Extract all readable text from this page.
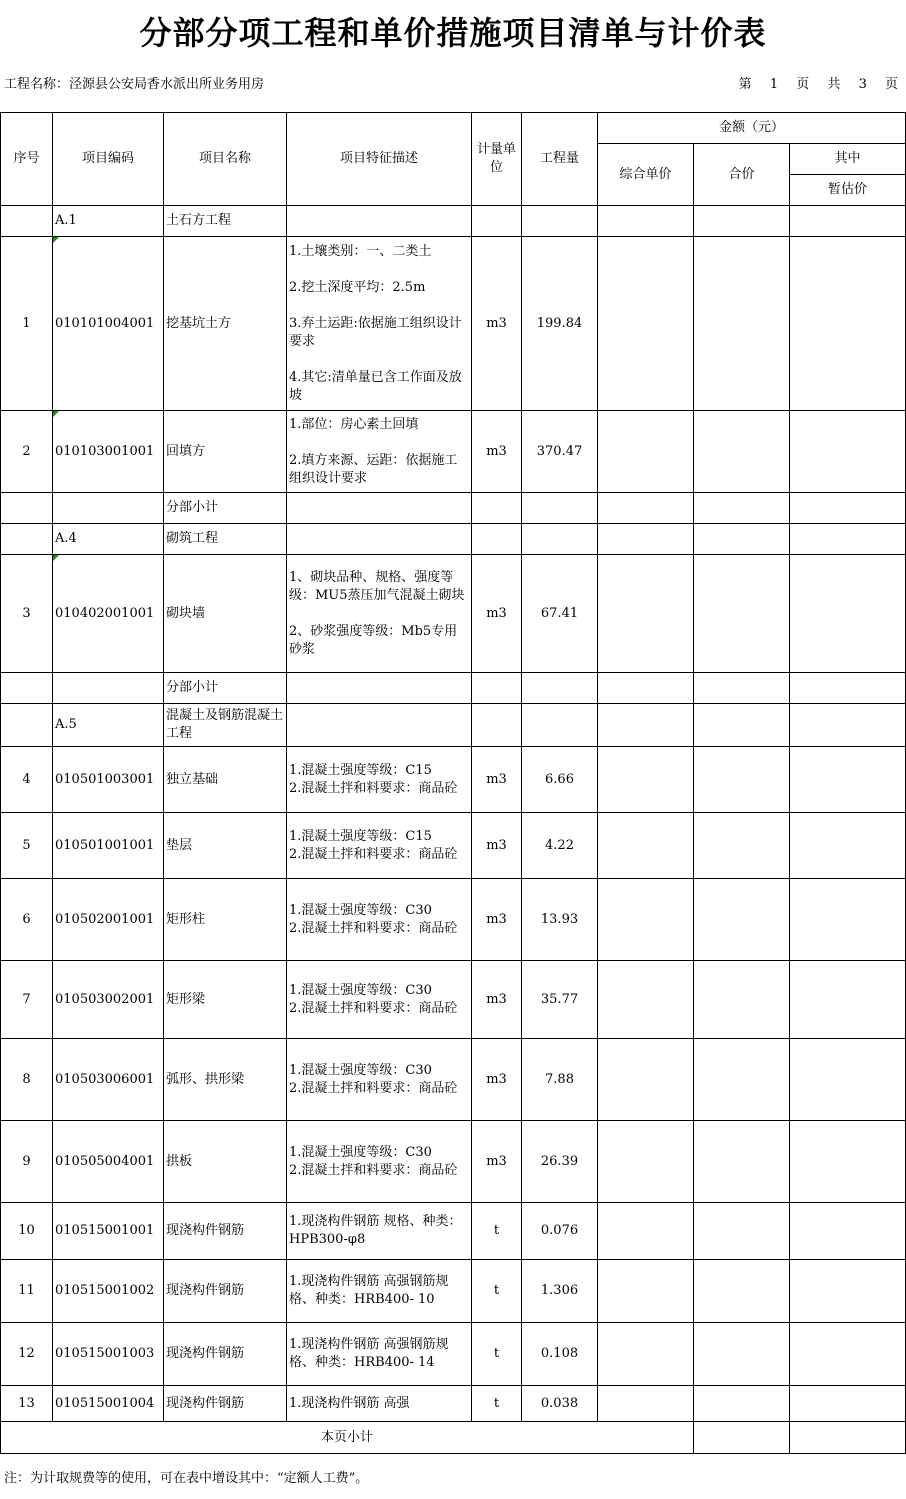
分部分项工程和单价措施项目清单与计价表
工程名称：泾源县公安局香水派出所业务用房	第 1 页 共 3 页
序号	项目编码	项目名称	项目特征描述	计量单位	工程量	金额（元）		
						综合单价	合价	其中
								暂估价
	A.1	土石方工程						
1	010101004001	挖基坑土方	1.土壤类别：一、二类土
2.挖土深度平均：2.5m
3.弃土运距:依据施工组织设计要求
4.其它:清单量已含工作面及放坡	m3	199.84			
2	010103001001	回填方	1.部位：房心素土回填
2.填方来源、运距：依据施工组织设计要求	m3	370.47			
		分部小计						
	A.4	砌筑工程						
3	010402001001	砌块墙	1、砌块品种、规格、强度等级：MU5蒸压加气混凝土砌块
2、砂浆强度等级：Mb5专用砂浆	m3	67.41			
		分部小计						
	A.5	混凝土及钢筋混凝土工程						
4	010501003001	独立基础	1.混凝土强度等级：C15
2.混凝土拌和料要求：商品砼	m3	6.66			
5	010501001001	垫层	1.混凝土强度等级：C15
2.混凝土拌和料要求：商品砼	m3	4.22			
6	010502001001	矩形柱	1.混凝土强度等级：C30
2.混凝土拌和料要求：商品砼	m3	13.93			
7	010503002001	矩形梁	1.混凝土强度等级：C30
2.混凝土拌和料要求：商品砼	m3	35.77			
8	010503006001	弧形、拱形梁	1.混凝土强度等级：C30
2.混凝土拌和料要求：商品砼	m3	7.88			
9	010505004001	拱板	1.混凝土强度等级：C30
2.混凝土拌和料要求：商品砼	m3	26.39			
10	010515001001	现浇构件钢筋	1.现浇构件钢筋 规格、种类：HPB300-φ8	t	0.076			
11	010515001002	现浇构件钢筋	1.现浇构件钢筋 高强钢筋规格、种类：HRB400- 10	t	1.306			
12	010515001003	现浇构件钢筋	1.现浇构件钢筋 高强钢筋规格、种类：HRB400- 14	t	0.108			
13	010515001004	现浇构件钢筋	1.现浇构件钢筋 高强	t	0.038			
本页小计								
注：为计取规费等的使用，可在表中增设其中：“定额人工费”。
